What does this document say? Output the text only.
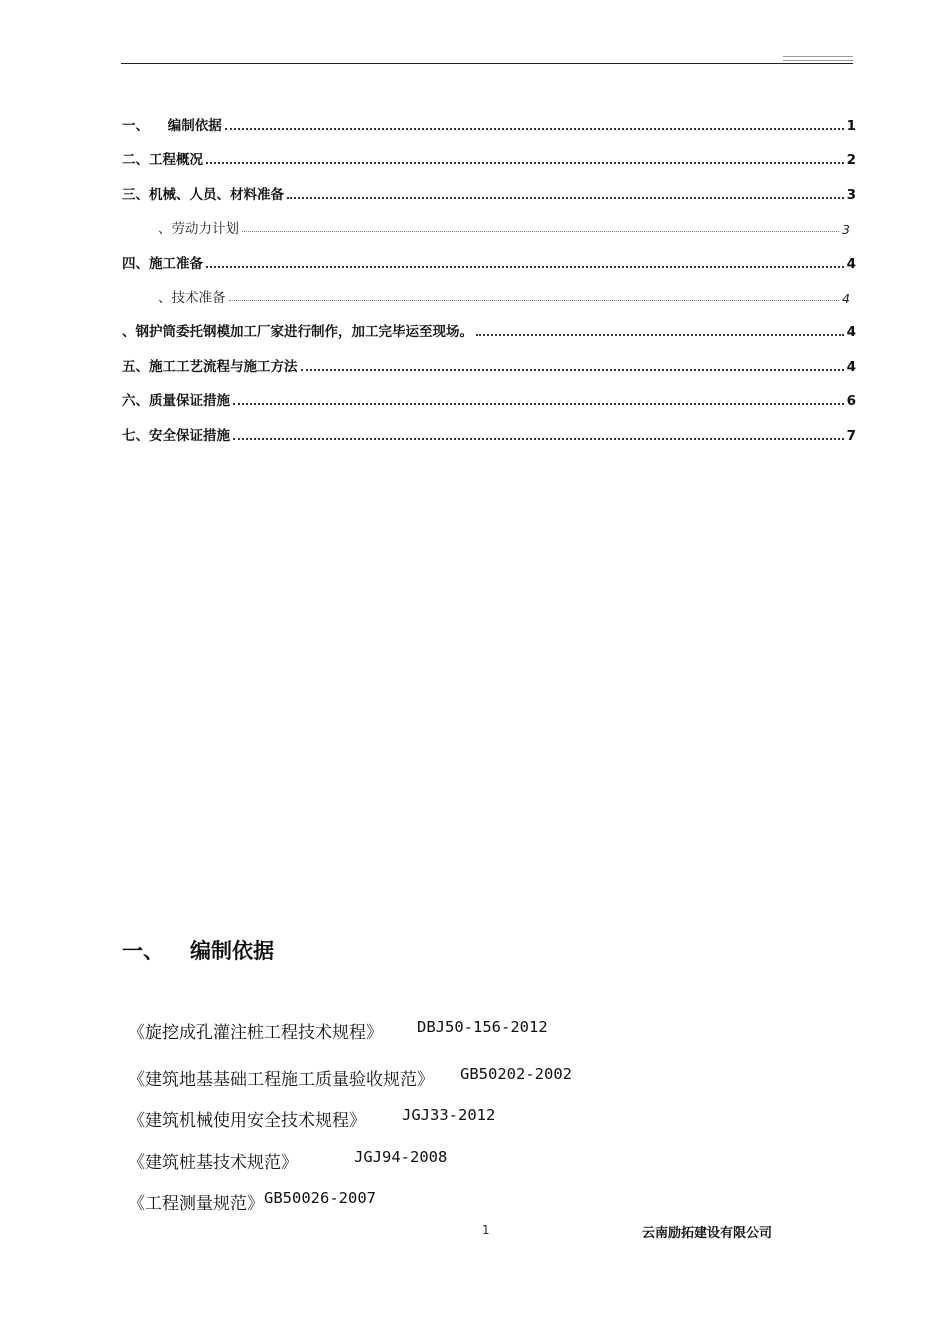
一、    编制依据	1
二、工程概况	2
三、机械、人员、材料准备	3
、劳动力计划	3
四、施工准备	4
、技术准备	4
、钢护筒委托钢模加工厂家进行制作，加工完毕运至现场。	4
五、施工工艺流程与施工方法	4
六、质量保证措施	6
七、安全保证措施	7
一、	编制依据
《旋挖成孔灌注桩工程技术规程》 DBJ50-156-2012
《建筑地基基础工程施工质量验收规范》 GB50202-2002
《建筑机械使用安全技术规程》 JGJ33-2012
《建筑桩基技术规范》	JGJ94-2008
《工程测量规范》 GB50026-2007
1	云南励拓建设有限公司
